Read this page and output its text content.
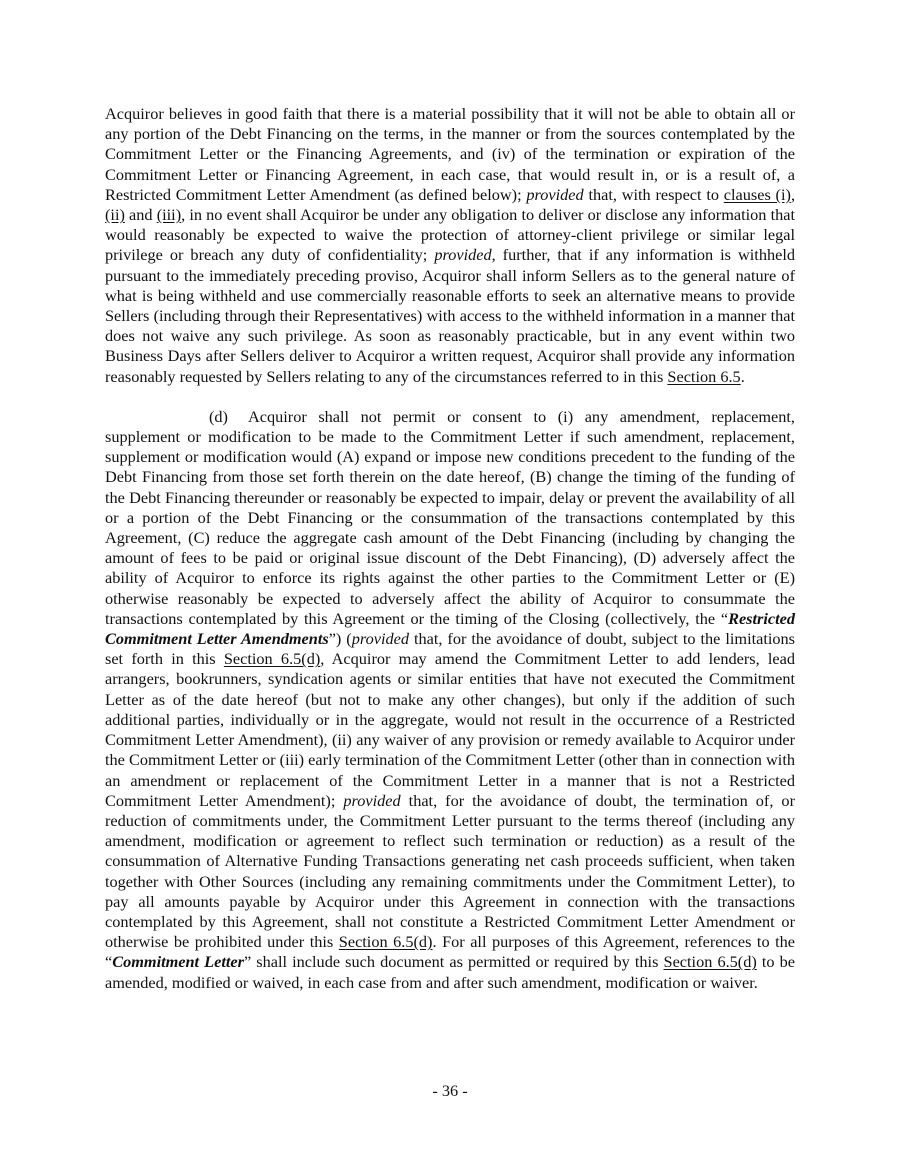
Acquiror believes in good faith that there is a material possibility that it will not be able to obtain all or any portion of the Debt Financing on the terms, in the manner or from the sources contemplated by the Commitment Letter or the Financing Agreements, and (iv) of the termination or expiration of the Commitment Letter or Financing Agreement, in each case, that would result in, or is a result of, a Restricted Commitment Letter Amendment (as defined below); provided that, with respect to clauses (i), (ii) and (iii), in no event shall Acquiror be under any obligation to deliver or disclose any information that would reasonably be expected to waive the protection of attorney-client privilege or similar legal privilege or breach any duty of confidentiality; provided, further, that if any information is withheld pursuant to the immediately preceding proviso, Acquiror shall inform Sellers as to the general nature of what is being withheld and use commercially reasonable efforts to seek an alternative means to provide Sellers (including through their Representatives) with access to the withheld information in a manner that does not waive any such privilege. As soon as reasonably practicable, but in any event within two Business Days after Sellers deliver to Acquiror a written request, Acquiror shall provide any information reasonably requested by Sellers relating to any of the circumstances referred to in this Section 6.5.

(d) Acquiror shall not permit or consent to (i) any amendment, replacement, supplement or modification to be made to the Commitment Letter if such amendment, replacement, supplement or modification would (A) expand or impose new conditions precedent to the funding of the Debt Financing from those set forth therein on the date hereof, (B) change the timing of the funding of the Debt Financing thereunder or reasonably be expected to impair, delay or prevent the availability of all or a portion of the Debt Financing or the consummation of the transactions contemplated by this Agreement, (C) reduce the aggregate cash amount of the Debt Financing (including by changing the amount of fees to be paid or original issue discount of the Debt Financing), (D) adversely affect the ability of Acquiror to enforce its rights against the other parties to the Commitment Letter or (E) otherwise reasonably be expected to adversely affect the ability of Acquiror to consummate the transactions contemplated by this Agreement or the timing of the Closing (collectively, the “Restricted Commitment Letter Amendments”) (provided that, for the avoidance of doubt, subject to the limitations set forth in this Section 6.5(d), Acquiror may amend the Commitment Letter to add lenders, lead arrangers, bookrunners, syndication agents or similar entities that have not executed the Commitment Letter as of the date hereof (but not to make any other changes), but only if the addition of such additional parties, individually or in the aggregate, would not result in the occurrence of a Restricted Commitment Letter Amendment), (ii) any waiver of any provision or remedy available to Acquiror under the Commitment Letter or (iii) early termination of the Commitment Letter (other than in connection with an amendment or replacement of the Commitment Letter in a manner that is not a Restricted Commitment Letter Amendment); provided that, for the avoidance of doubt, the termination of, or reduction of commitments under, the Commitment Letter pursuant to the terms thereof (including any amendment, modification or agreement to reflect such termination or reduction) as a result of the consummation of Alternative Funding Transactions generating net cash proceeds sufficient, when taken together with Other Sources (including any remaining commitments under the Commitment Letter), to pay all amounts payable by Acquiror under this Agreement in connection with the transactions contemplated by this Agreement, shall not constitute a Restricted Commitment Letter Amendment or otherwise be prohibited under this Section 6.5(d). For all purposes of this Agreement, references to the “Commitment Letter” shall include such document as permitted or required by this Section 6.5(d) to be amended, modified or waived, in each case from and after such amendment, modification or waiver.

- 36 -
